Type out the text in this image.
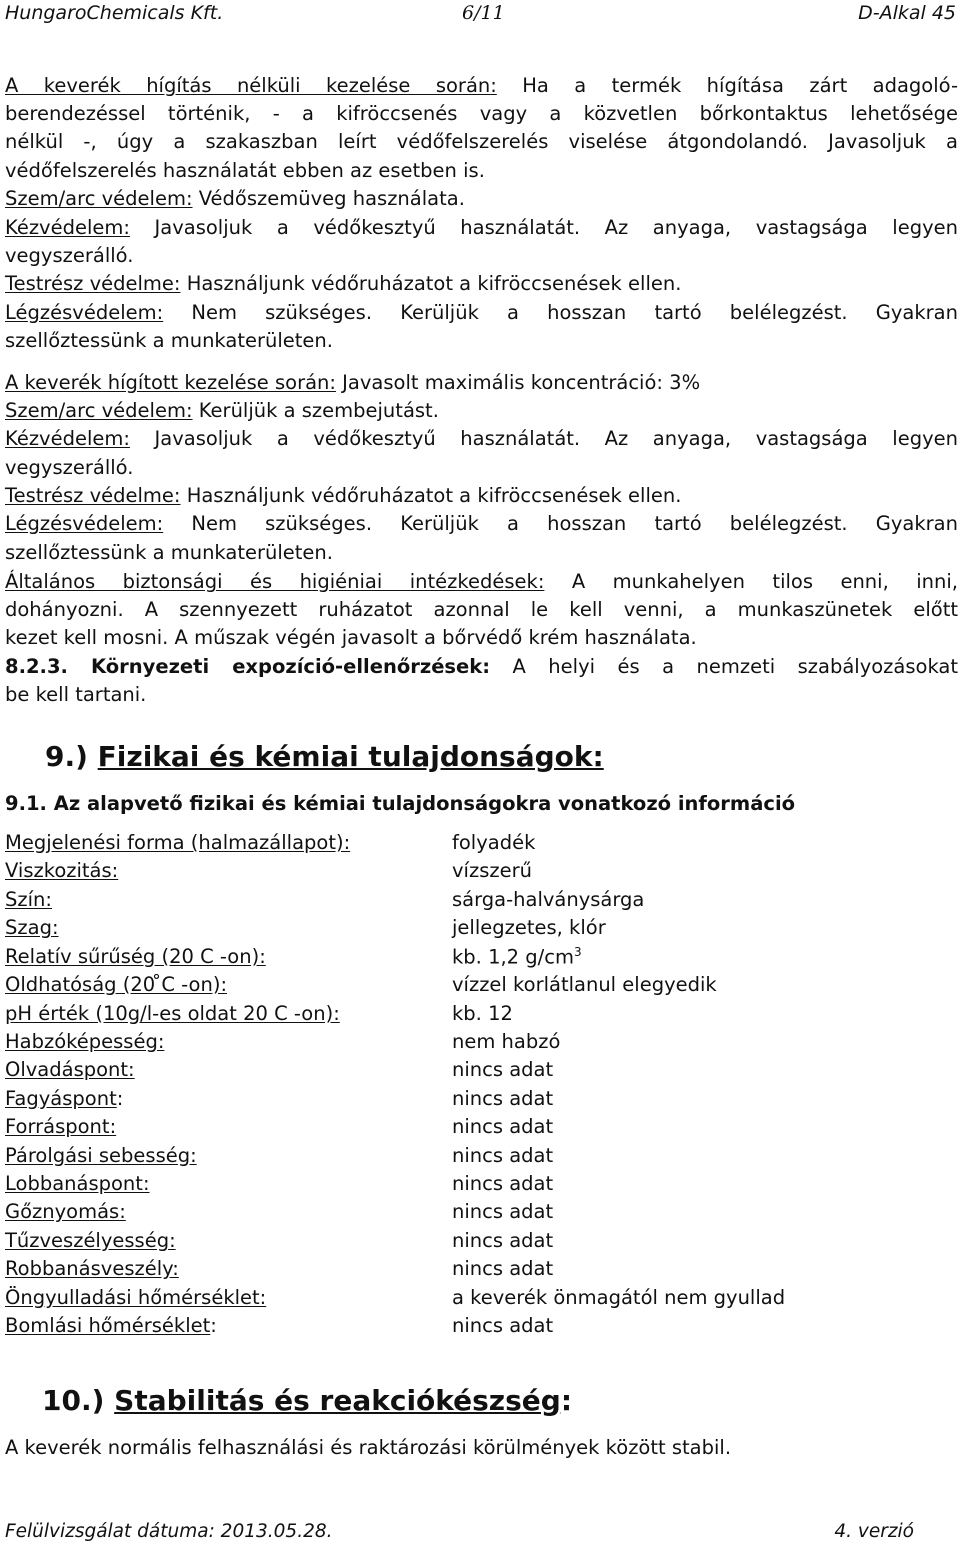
HungaroChemicals Kft.	6/11	D-Alkal 45
A keverék hígítás nélküli kezelése során: Ha a termék hígítása zárt adagoló-
berendezéssel történik, - a kifröccsenés vagy a közvetlen bőrkontaktus lehetősége
nélkül -, úgy a szakaszban leírt védőfelszerelés viselése átgondolandó. Javasoljuk a
védőfelszerelés használatát ebben az esetben is.
Szem/arc védelem: Védőszemüveg használata.
Kézvédelem: Javasoljuk a védőkesztyű használatát. Az anyaga, vastagsága legyen
vegyszerálló.
Testrész védelme: Használjunk védőruházatot a kifröccsenések ellen.
Légzésvédelem: Nem szükséges. Kerüljük a hosszan tartó belélegzést. Gyakran
szellőztessünk a munkaterületen.
A keverék hígított kezelése során: Javasolt maximális koncentráció: 3%
Szem/arc védelem: Kerüljük a szembejutást.
Kézvédelem: Javasoljuk a védőkesztyű használatát. Az anyaga, vastagsága legyen
vegyszerálló.
Testrész védelme: Használjunk védőruházatot a kifröccsenések ellen.
Légzésvédelem: Nem szükséges. Kerüljük a hosszan tartó belélegzést. Gyakran
szellőztessünk a munkaterületen.
Általános biztonsági és higiéniai intézkedések: A munkahelyen tilos enni, inni,
dohányozni. A szennyezett ruházatot azonnal le kell venni, a munkaszünetek előtt
kezet kell mosni. A műszak végén javasolt a bőrvédő krém használata.
8.2.3. Környezeti expozíció-ellenőrzések: A helyi és a nemzeti szabályozásokat
be kell tartani.
9.) Fizikai és kémiai tulajdonságok:
9.1. Az alapvető fizikai és kémiai tulajdonságokra vonatkozó információ
Megjelenési forma (halmazállapot):	folyadék
Viszkozitás:	vízszerű
Szín:	sárga-halványsárga
Szag:	jellegzetes, klór
Relatív sűrűség (20 C -on):	kb. 1,2 $g/cm^3$
Oldhatóság (20 ̊C -on):	vízzel korlátlanul elegyedik
pH érték (10g/l-es oldat 20 C -on):	kb. 12
Habzóképesség:	nem habzó
Olvadáspont:	nincs adat
Fagyáspont:	nincs adat
Forráspont:	nincs adat
Párolgási sebesség:	nincs adat
Lobbanáspont:	nincs adat
Gőznyomás:	nincs adat
Tűzveszélyesség:	nincs adat
Robbanásveszély:	nincs adat
Öngyulladási hőmérséklet:	a keverék önmagától nem gyullad
Bomlási hőmérséklet:	nincs adat
10.) Stabilitás és reakciókészség:
A keverék normális felhasználási és raktározási körülmények között stabil.
Felülvizsgálat dátuma: 2013.05.28.	4. verzió
